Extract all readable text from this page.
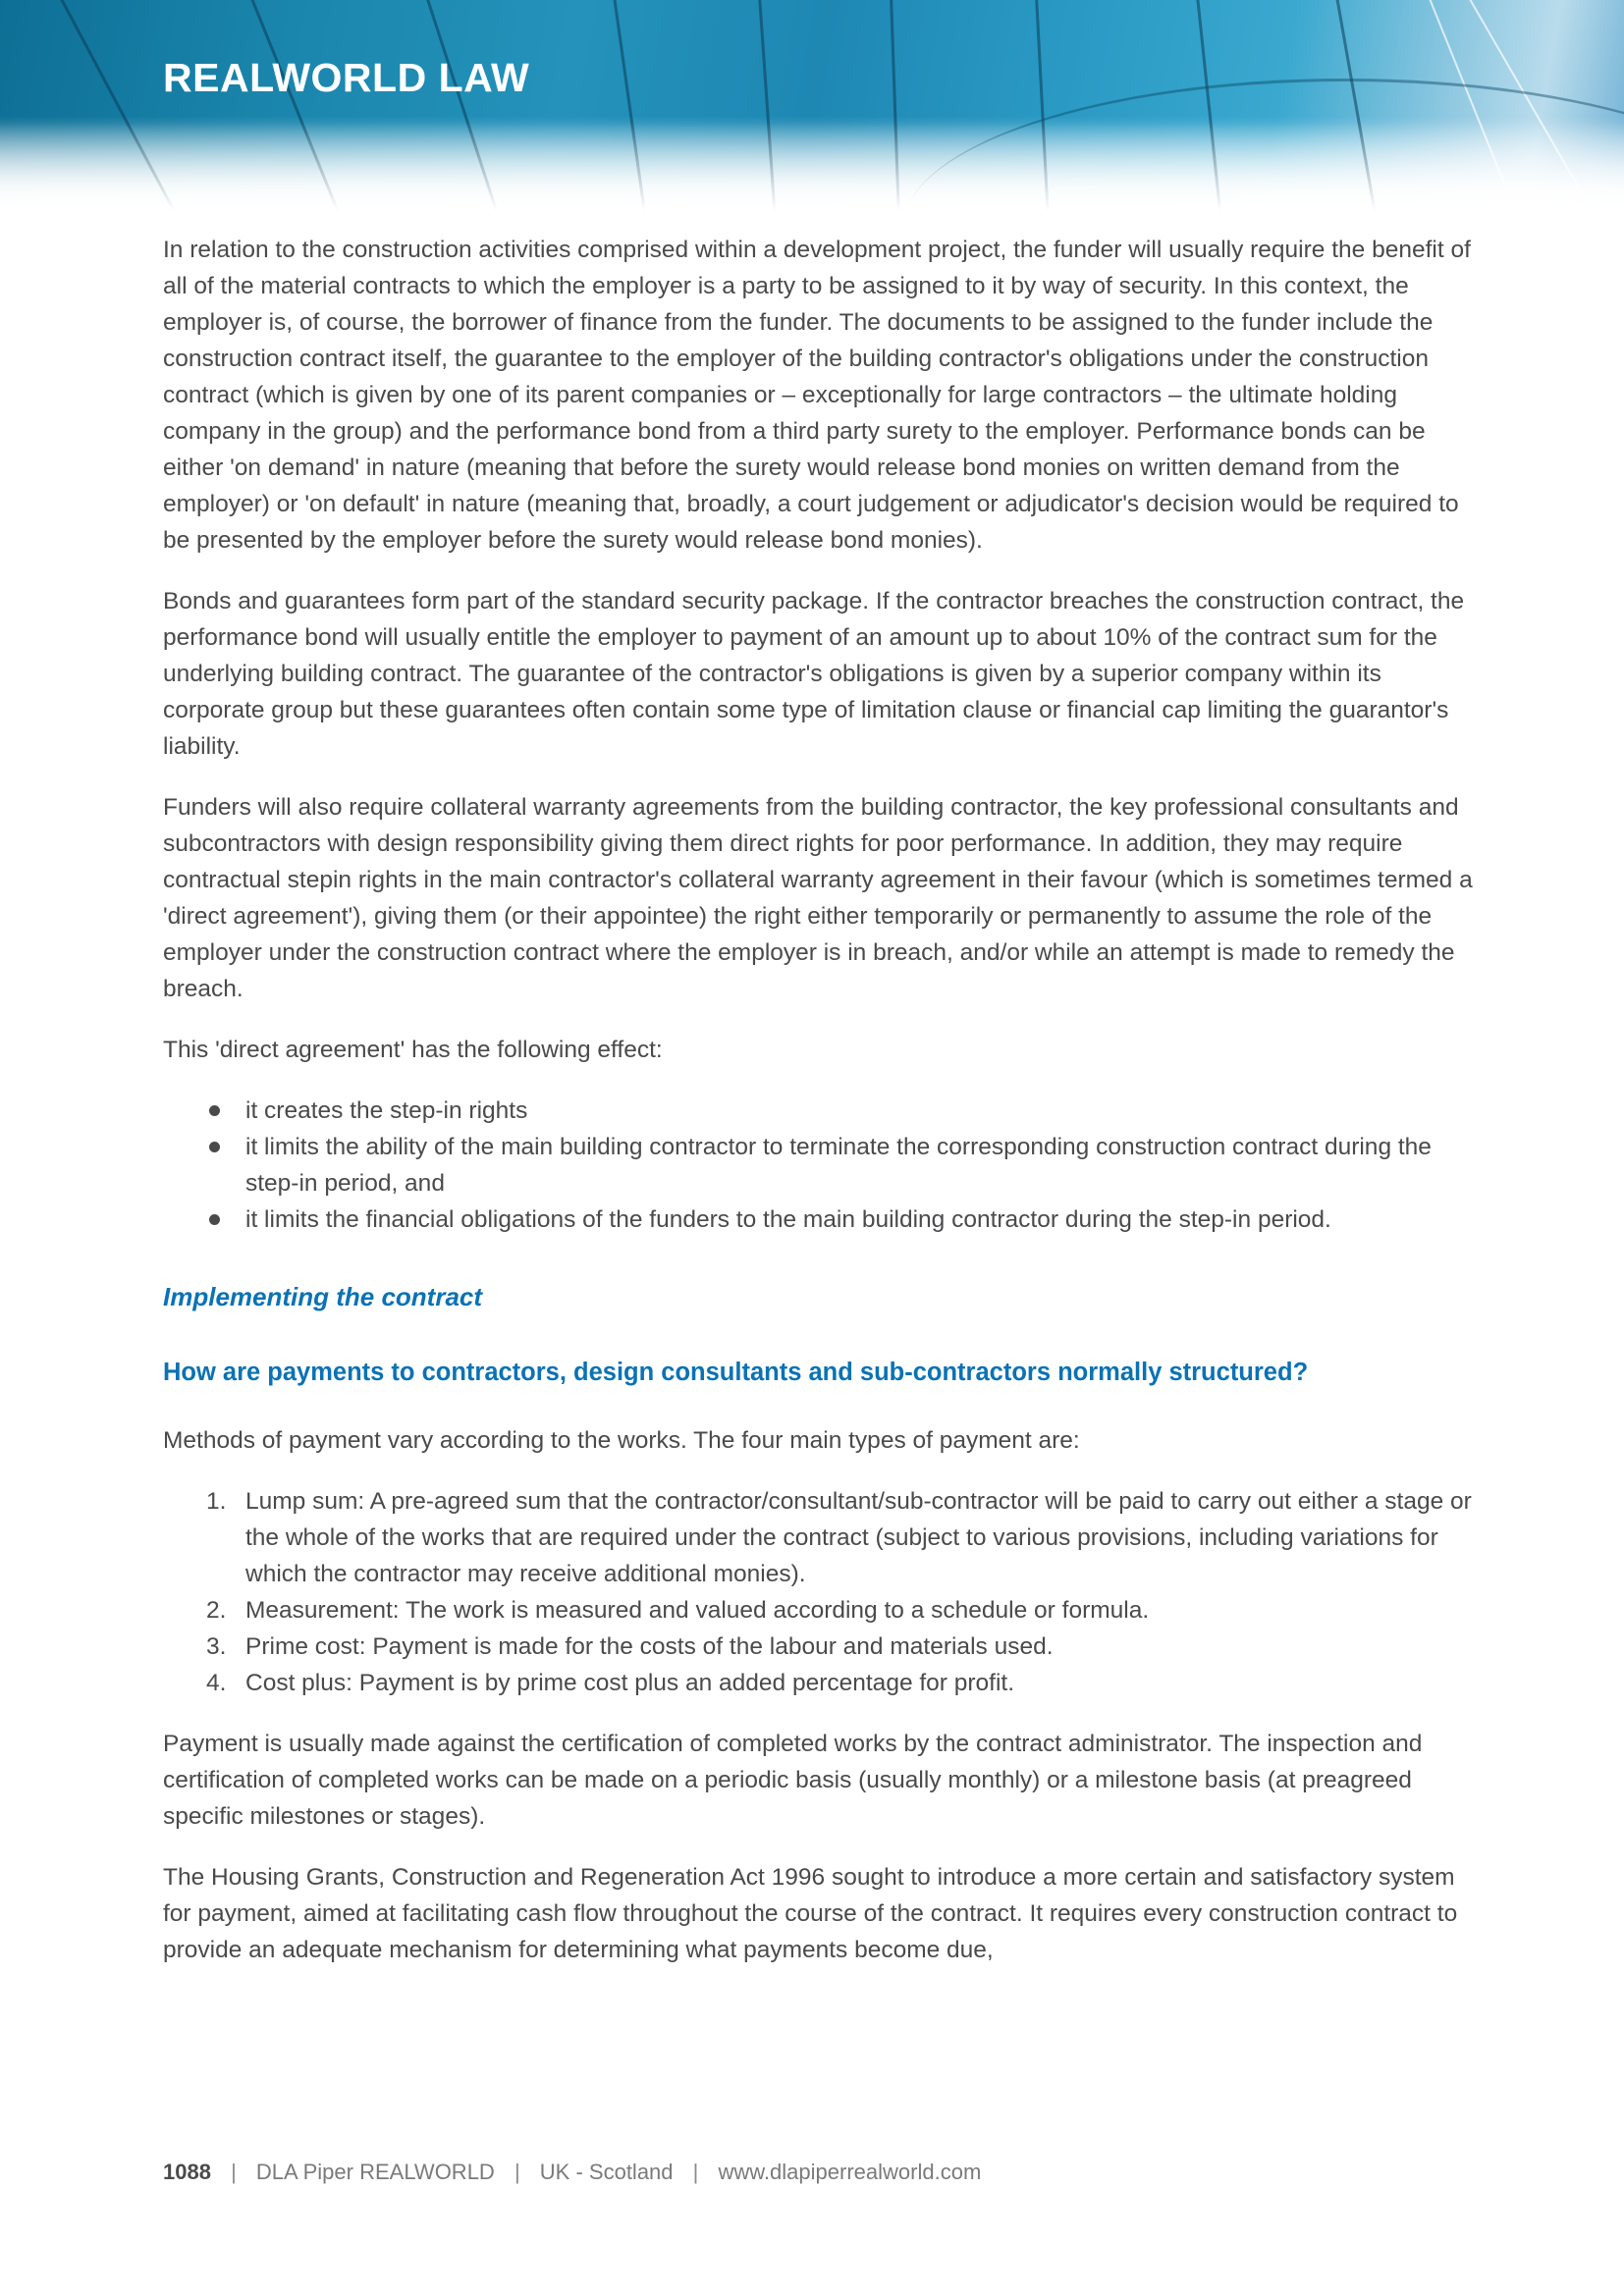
REALWORLD LAW

In relation to the construction activities comprised within a development project, the funder will usually require the benefit of all of the material contracts to which the employer is a party to be assigned to it by way of security. In this context, the employer is, of course, the borrower of finance from the funder. The documents to be assigned to the funder include the construction contract itself, the guarantee to the employer of the building contractor's obligations under the construction contract (which is given by one of its parent companies or – exceptionally for large contractors – the ultimate holding company in the group) and the performance bond from a third party surety to the employer. Performance bonds can be either 'on demand' in nature (meaning that before the surety would release bond monies on written demand from the employer) or 'on default' in nature (meaning that, broadly, a court judgement or adjudicator's decision would be required to be presented by the employer before the surety would release bond monies).

Bonds and guarantees form part of the standard security package. If the contractor breaches the construction contract, the performance bond will usually entitle the employer to payment of an amount up to about 10% of the contract sum for the underlying building contract. The guarantee of the contractor's obligations is given by a superior company within its corporate group but these guarantees often contain some type of limitation clause or financial cap limiting the guarantor's liability.

Funders will also require collateral warranty agreements from the building contractor, the key professional consultants and subcontractors with design responsibility giving them direct rights for poor performance. In addition, they may require contractual stepin rights in the main contractor's collateral warranty agreement in their favour (which is sometimes termed a 'direct agreement'), giving them (or their appointee) the right either temporarily or permanently to assume the role of the employer under the construction contract where the employer is in breach, and/or while an attempt is made to remedy the breach.

This 'direct agreement' has the following effect:

it creates the step-in rights
it limits the ability of the main building contractor to terminate the corresponding construction contract during the step-in period, and
it limits the financial obligations of the funders to the main building contractor during the step-in period.
Implementing the contract
How are payments to contractors, design consultants and sub-contractors normally structured?

Methods of payment vary according to the works. The four main types of payment are:

1. Lump sum: A pre-agreed sum that the contractor/consultant/sub-contractor will be paid to carry out either a stage or the whole of the works that are required under the contract (subject to various provisions, including variations for which the contractor may receive additional monies).
2. Measurement: The work is measured and valued according to a schedule or formula.
3. Prime cost: Payment is made for the costs of the labour and materials used.
4. Cost plus: Payment is by prime cost plus an added percentage for profit.

Payment is usually made against the certification of completed works by the contract administrator. The inspection and certification of completed works can be made on a periodic basis (usually monthly) or a milestone basis (at preagreed specific milestones or stages).

The Housing Grants, Construction and Regeneration Act 1996 sought to introduce a more certain and satisfactory system for payment, aimed at facilitating cash flow throughout the course of the contract. It requires every construction contract to provide an adequate mechanism for determining what payments become due,

1088 | DLA Piper REALWORLD | UK - Scotland | www.dlapiperrealworld.com
